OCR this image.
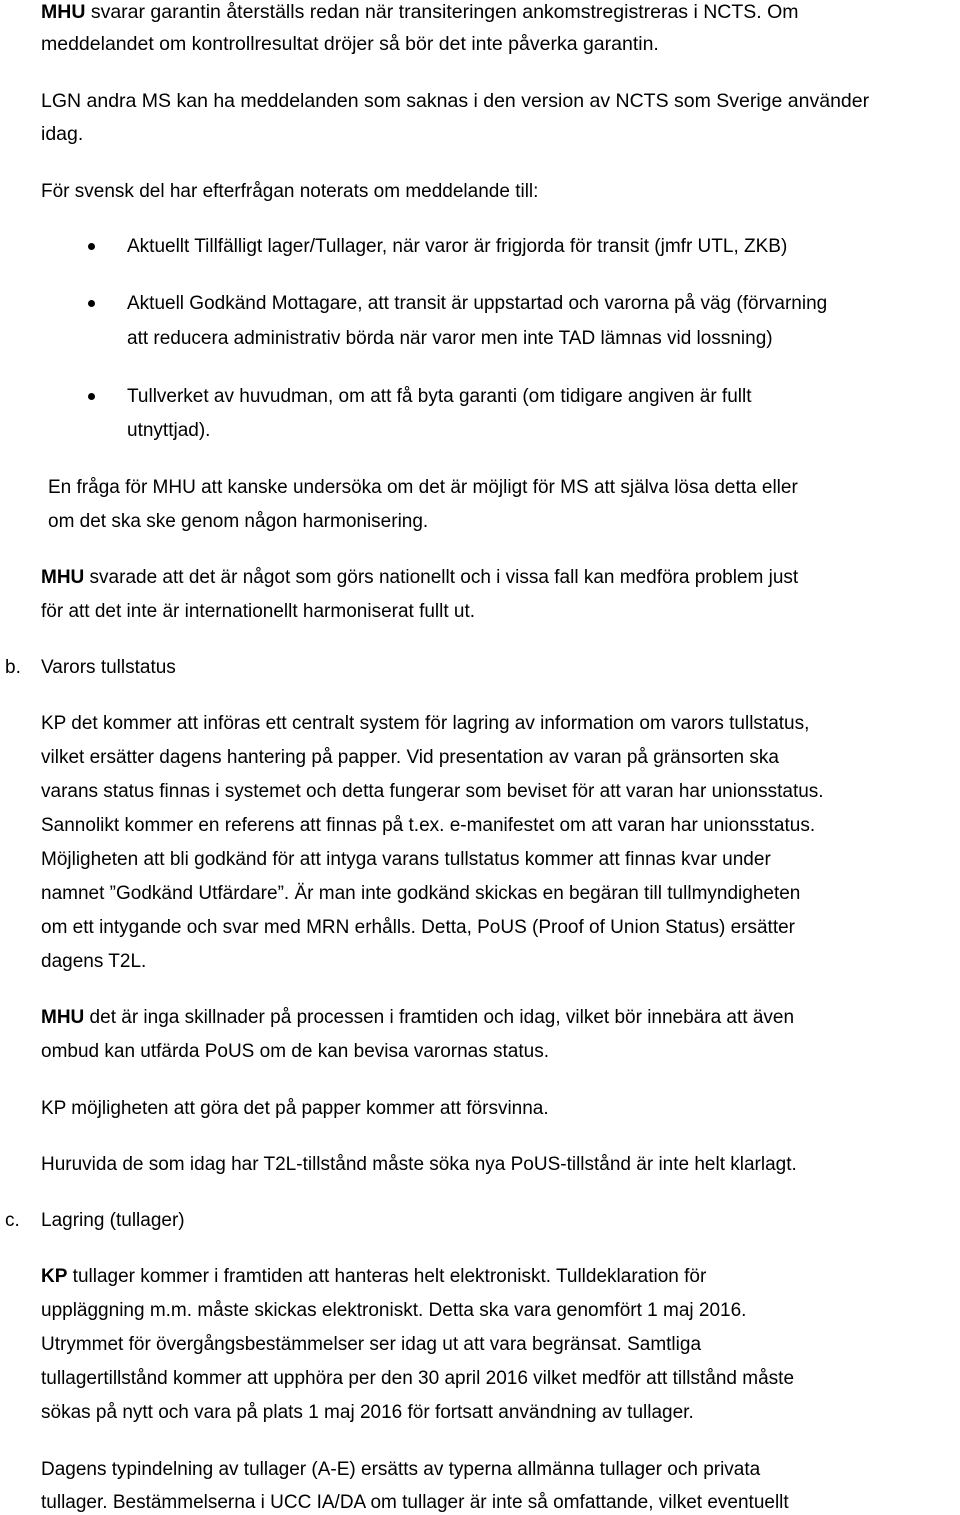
MHU svarar garantin återställs redan när transiteringen ankomstregistreras i NCTS. Om
meddelandet om kontrollresultat dröjer så bör det inte påverka garantin.
LGN andra MS kan ha meddelanden som saknas i den version av NCTS som Sverige använder
idag.
För svensk del har efterfrågan noterats om meddelande till:
Aktuellt Tillfälligt lager/Tullager, när varor är frigjorda för transit (jmfr UTL, ZKB)
Aktuell Godkänd Mottagare, att transit är uppstartad och varorna på väg (förvarning
att reducera administrativ börda när varor men inte TAD lämnas vid lossning)
Tullverket av huvudman, om att få byta garanti (om tidigare angiven är fullt
utnyttjad).
En fråga för MHU att kanske undersöka om det är möjligt för MS att själva lösa detta eller
om det ska ske genom någon harmonisering.
MHU svarade att det är något som görs nationellt och i vissa fall kan medföra problem just
för att det inte är internationellt harmoniserat fullt ut.
b. Varors tullstatus
KP det kommer att införas ett centralt system för lagring av information om varors tullstatus,
vilket ersätter dagens hantering på papper. Vid presentation av varan på gränsorten ska
varans status finnas i systemet och detta fungerar som beviset för att varan har unionsstatus.
Sannolikt kommer en referens att finnas på t.ex. e-manifestet om att varan har unionsstatus.
Möjligheten att bli godkänd för att intyga varans tullstatus kommer att finnas kvar under
namnet ”Godkänd Utfärdare”. Är man inte godkänd skickas en begäran till tullmyndigheten
om ett intygande och svar med MRN erhålls. Detta, PoUS (Proof of Union Status) ersätter
dagens T2L.
MHU det är inga skillnader på processen i framtiden och idag, vilket bör innebära att även
ombud kan utfärda PoUS om de kan bevisa varornas status.
KP möjligheten att göra det på papper kommer att försvinna.
Huruvida de som idag har T2L-tillstånd måste söka nya PoUS-tillstånd är inte helt klarlagt.
c. Lagring (tullager)
KP tullager kommer i framtiden att hanteras helt elektroniskt. Tulldeklaration för
uppläggning m.m. måste skickas elektroniskt. Detta ska vara genomfört 1 maj 2016.
Utrymmet för övergångsbestämmelser ser idag ut att vara begränsat. Samtliga
tullagertillstånd kommer att upphöra per den 30 april 2016 vilket medför att tillstånd måste
sökas på nytt och vara på plats 1 maj 2016 för fortsatt användning av tullager.
Dagens typindelning av tullager (A-E) ersätts av typerna allmänna tullager och privata
tullager. Bestämmelserna i UCC IA/DA om tullager är inte så omfattande, vilket eventuellt
